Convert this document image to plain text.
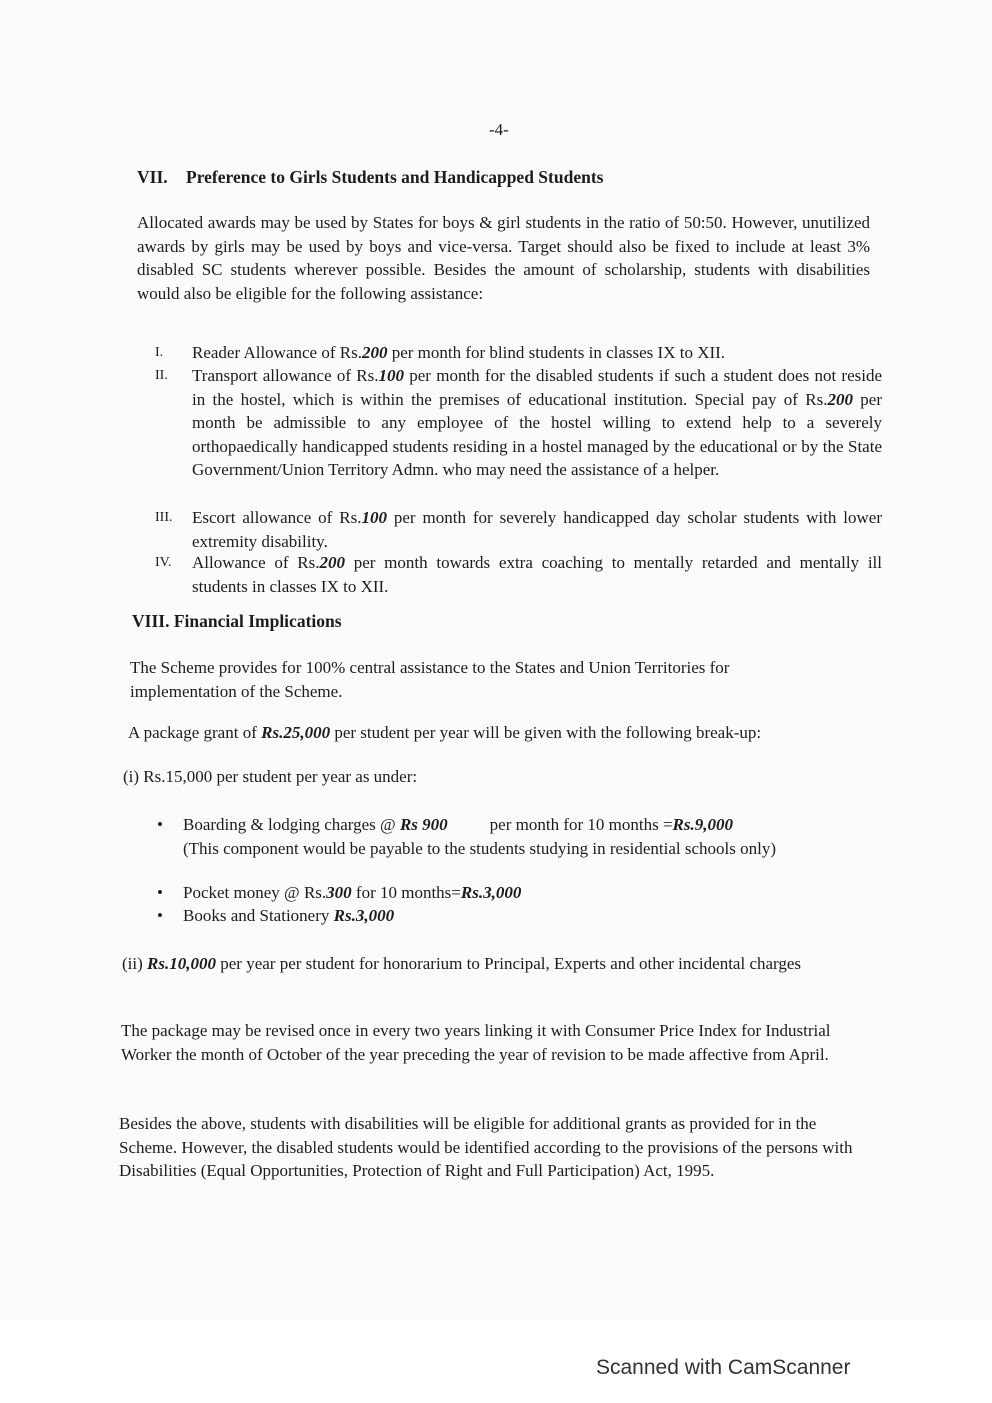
-4-
VII. Preference to Girls Students and Handicapped Students
Allocated awards may be used by States for boys & girl students in the ratio of 50:50. However, unutilized awards by girls may be used by boys and vice-versa. Target should also be fixed to include at least 3% disabled SC students wherever possible. Besides the amount of scholarship, students with disabilities would also be eligible for the following assistance:
I. Reader Allowance of Rs.200 per month for blind students in classes IX to XII.
II. Transport allowance of Rs.100 per month for the disabled students if such a student does not reside in the hostel, which is within the premises of educational institution. Special pay of Rs.200 per month be admissible to any employee of the hostel willing to extend help to a severely orthopaedically handicapped students residing in a hostel managed by the educational or by the State Government/Union Territory Admn. who may need the assistance of a helper.
III. Escort allowance of Rs.100 per month for severely handicapped day scholar students with lower extremity disability.
IV. Allowance of Rs.200 per month towards extra coaching to mentally retarded and mentally ill students in classes IX to XII.
VIII. Financial Implications
The Scheme provides for 100% central assistance to the States and Union Territories for implementation of the Scheme.
A package grant of Rs.25,000 per student per year will be given with the following break-up:
(i) Rs.15,000 per student per year as under:
• Boarding & lodging charges @ Rs 900 per month for 10 months =Rs.9,000
(This component would be payable to the students studying in residential schools only)
• Pocket money @ Rs.300 for 10 months=Rs.3,000
• Books and Stationery Rs.3,000
(ii) Rs.10,000 per year per student for honorarium to Principal, Experts and other incidental charges
The package may be revised once in every two years linking it with Consumer Price Index for Industrial Worker the month of October of the year preceding the year of revision to be made affective from April.
Besides the above, students with disabilities will be eligible for additional grants as provided for in the Scheme. However, the disabled students would be identified according to the provisions of the persons with Disabilities (Equal Opportunities, Protection of Right and Full Participation) Act, 1995.
Scanned with CamScanner
